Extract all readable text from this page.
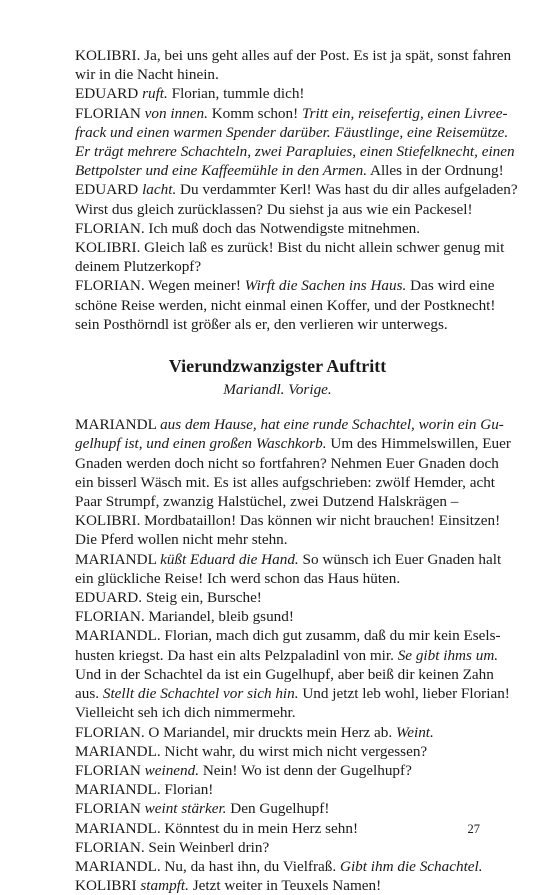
KOLIBRI. Ja, bei uns geht alles auf der Post. Es ist ja spät, sonst fahren
wir in die Nacht hinein.
EDUARD ruft. Florian, tummle dich!
FLORIAN von innen. Komm schon! Tritt ein, reisefertig, einen Livree-
frack und einen warmen Spender darüber. Fäustlinge, eine Reisemütze.
Er trägt mehrere Schachteln, zwei Parapluies, einen Stiefelknecht, einen
Bettpolster und eine Kaffeemühle in den Armen. Alles in der Ordnung!
EDUARD lacht. Du verdammter Kerl! Was hast du dir alles aufgeladen?
Wirst dus gleich zurücklassen? Du siehst ja aus wie ein Packesel!
FLORIAN. Ich muß doch das Notwendigste mitnehmen.
KOLIBRI. Gleich laß es zurück! Bist du nicht allein schwer genug mit
deinem Plutzerkopf?
FLORIAN. Wegen meiner! Wirft die Sachen ins Haus. Das wird eine
schöne Reise werden, nicht einmal einen Koffer, und der Postknecht!
sein Posthörndl ist größer als er, den verlieren wir unterwegs.
Vierundzwanzigster Auftritt
Mariandl. Vorige.
MARIANDL aus dem Hause, hat eine runde Schachtel, worin ein Gu-
gelhupf ist, und einen großen Waschkorb. Um des Himmelswillen, Euer
Gnaden werden doch nicht so fortfahren? Nehmen Euer Gnaden doch
ein bisserl Wäsch mit. Es ist alles aufgschrieben: zwölf Hemder, acht
Paar Strumpf, zwanzig Halstüchel, zwei Dutzend Halskrägen –
KOLIBRI. Mordbataillon! Das können wir nicht brauchen! Einsitzen!
Die Pferd wollen nicht mehr stehn.
MARIANDL küßt Eduard die Hand. So wünsch ich Euer Gnaden halt
ein glückliche Reise! Ich werd schon das Haus hüten.
EDUARD. Steig ein, Bursche!
FLORIAN. Mariandel, bleib gsund!
MARIANDL. Florian, mach dich gut zusamm, daß du mir kein Esels-
husten kriegst. Da hast ein alts Pelzpaladinl von mir. Se gibt ihms um.
Und in der Schachtel da ist ein Gugelhupf, aber beiß dir keinen Zahn
aus. Stellt die Schachtel vor sich hin. Und jetzt leb wohl, lieber Florian!
Vielleicht seh ich dich nimmermehr.
FLORIAN. O Mariandel, mir druckts mein Herz ab. Weint.
MARIANDL. Nicht wahr, du wirst mich nicht vergessen?
FLORIAN weinend. Nein! Wo ist denn der Gugelhupf?
MARIANDL. Florian!
FLORIAN weint stärker. Den Gugelhupf!
MARIANDL. Könntest du in mein Herz sehn!
FLORIAN. Sein Weinberl drin?
MARIANDL. Nu, da hast ihn, du Vielfraß. Gibt ihm die Schachtel.
KOLIBRI stampft. Jetzt weiter in Teuxels Namen!
27
